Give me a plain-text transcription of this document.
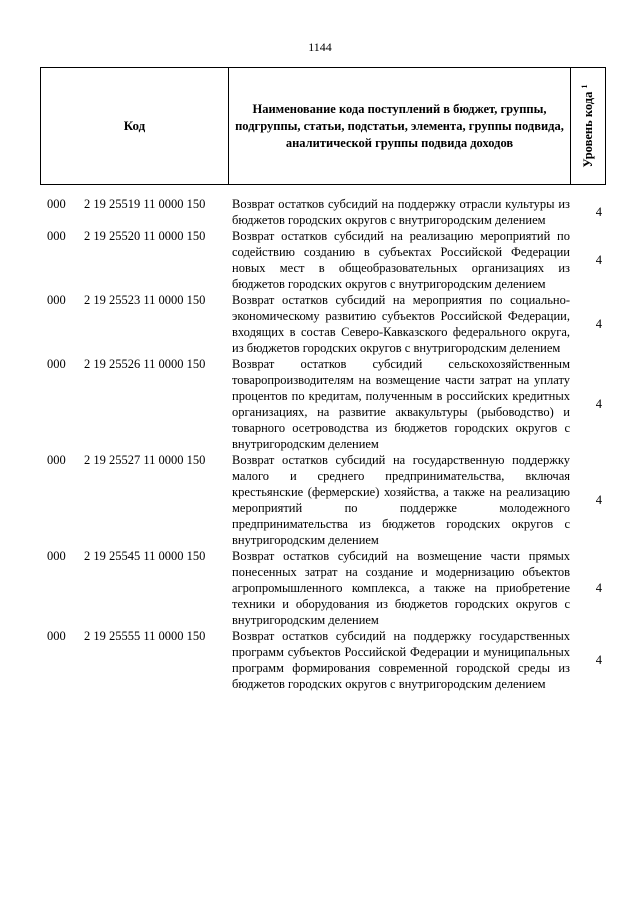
1144
Код
Наименование кода поступлений в бюджет, группы, подгруппы, статьи, подстатьи, элемента, группы подвида, аналитической группы подвида доходов	Уровень кода $^1$
000 2 19 25519 11 0000 150 Возврат остатков субсидий на поддержку отрасли культуры из бюджетов городских округов с внутригородским делением
4
000 2 19 25520 11 0000 150 Возврат остатков субсидий на реализацию мероприятий по содействию созданию в субъектах Российской Федерации новых мест в общеобразовательных организациях из бюджетов городских округов с внутригородским делением
4
000 2 19 25523 11 0000 150 Возврат остатков субсидий на мероприятия по социально-экономическому развитию субъектов Российской Федерации, входящих в состав Северо-Кавказского федерального округа, из бюджетов городских округов с внутригородским делением
4
000 2 19 25526 11 0000 150 Возврат остатков субсидий сельскохозяйственным товаропроизводителям на возмещение части затрат на уплату процентов по кредитам, полученным в российских кредитных организациях, на развитие аквакультуры (рыбоводство) и товарного осетроводства из бюджетов городских округов с внутригородским делением
4
000 2 19 25527 11 0000 150 Возврат остатков субсидий на государственную поддержку малого и среднего предпринимательства, включая крестьянские (фермерские) хозяйства, а также на реализацию мероприятий по поддержке молодежного предпринимательства из бюджетов городских округов с внутригородским делением
4
000 2 19 25545 11 0000 150 Возврат остатков субсидий на возмещение части прямых понесенных затрат на создание и модернизацию объектов агропромышленного комплекса, а также на приобретение техники и оборудования из бюджетов городских округов с внутригородским делением
4
000 2 19 25555 11 0000 150 Возврат остатков субсидий на поддержку государственных программ субъектов Российской Федерации и муниципальных программ формирования современной городской среды из бюджетов городских округов с внутригородским делением
4
